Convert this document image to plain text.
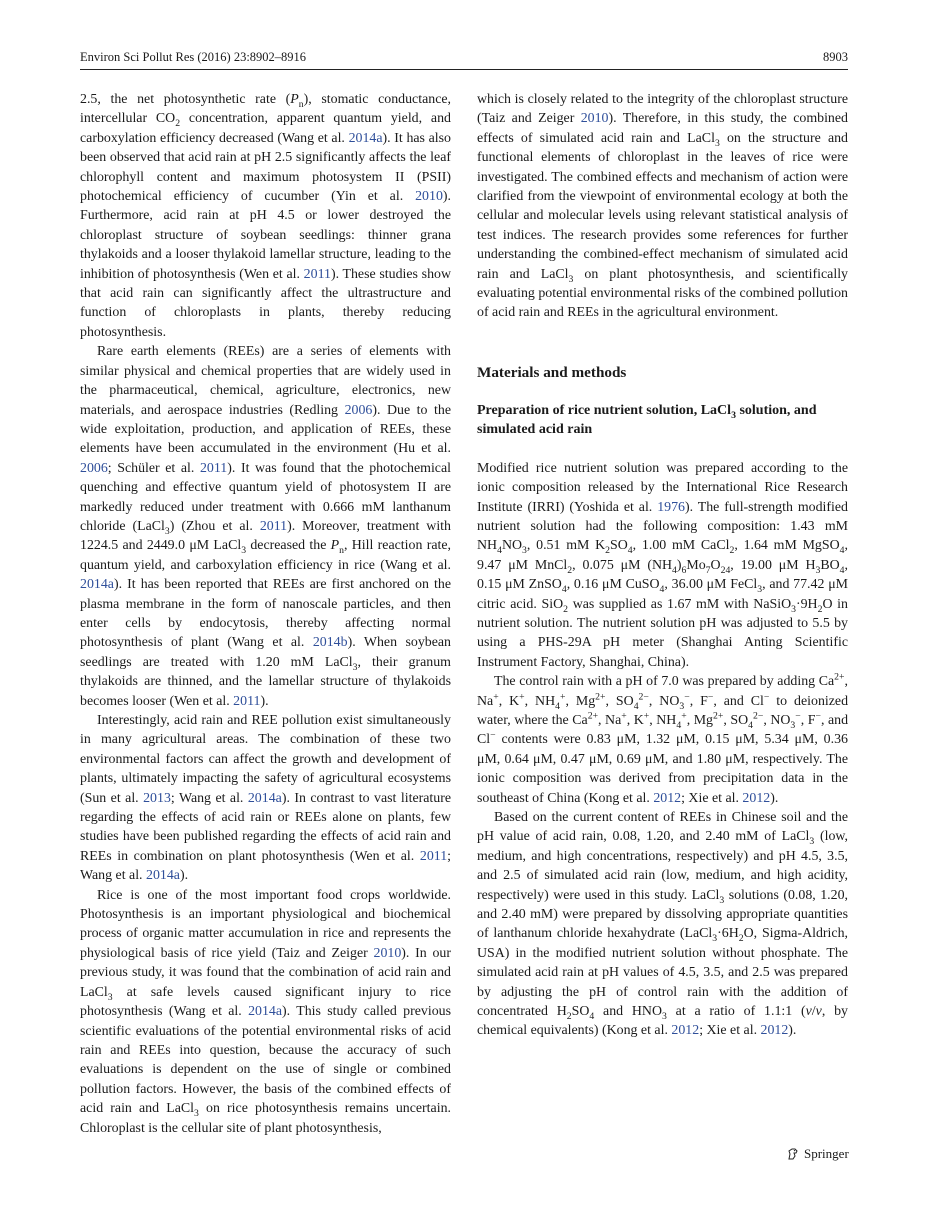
Environ Sci Pollut Res (2016) 23:8902–8916	8903

2.5, the net photosynthetic rate $(P_n)$, stomatic conductance, intercellular $CO_2$ concentration, apparent quantum yield, and carboxylation efficiency decreased (Wang et al. 2014a). It has also been observed that acid rain at pH 2.5 significantly affects the leaf chlorophyll content and maximum photosystem II (PSII) photochemical efficiency of cucumber (Yin et al. 2010). Furthermore, acid rain at pH 4.5 or lower destroyed the chloroplast structure of soybean seedlings: thinner grana thylakoids and a looser thylakoid lamellar structure, leading to the inhibition of photosynthesis (Wen et al. 2011). These studies show that acid rain can significantly affect the ultrastructure and function of chloroplasts in plants, thereby reducing photosynthesis.

Rare earth elements (REEs) are a series of elements with similar physical and chemical properties that are widely used in the pharmaceutical, chemical, agriculture, electronics, new materials, and aerospace industries (Redling 2006). Due to the wide exploitation, production, and application of REEs, these elements have been accumulated in the environment (Hu et al. 2006; Schüler et al. 2011). It was found that the photochemical quenching and effective quantum yield of photosystem II are markedly reduced under treatment with 0.666 mM lanthanum chloride (LaCl$_3$) (Zhou et al. 2011). Moreover, treatment with 1224.5 and 2449.0 μM LaCl$_3$ decreased the $P_n$, Hill reaction rate, quantum yield, and carboxylation efficiency in rice (Wang et al. 2014a). It has been reported that REEs are first anchored on the plasma membrane in the form of nanoscale particles, and then enter cells by endocytosis, thereby affecting normal photosynthesis of plant (Wang et al. 2014b). When soybean seedlings are treated with 1.20 mM LaCl$_3$, their granum thylakoids are thinned, and the lamellar structure of thylakoids becomes looser (Wen et al. 2011).

Interestingly, acid rain and REE pollution exist simultaneously in many agricultural areas. The combination of these two environmental factors can affect the growth and development of plants, ultimately impacting the safety of agricultural ecosystems (Sun et al. 2013; Wang et al. 2014a). In contrast to vast literature regarding the effects of acid rain or REEs alone on plants, few studies have been published regarding the effects of acid rain and REEs in combination on plant photosynthesis (Wen et al. 2011; Wang et al. 2014a).

Rice is one of the most important food crops worldwide. Photosynthesis is an important physiological and biochemical process of organic matter accumulation in rice and represents the physiological basis of rice yield (Taiz and Zeiger 2010). In our previous study, it was found that the combination of acid rain and LaCl$_3$ at safe levels caused significant injury to rice photosynthesis (Wang et al. 2014a). This study called previous scientific evaluations of the potential environmental risks of acid rain and REEs into question, because the accuracy of such evaluations is dependent on the use of single or combined pollution factors. However, the basis of the combined effects of acid rain and LaCl$_3$ on rice photosynthesis remains uncertain. Chloroplast is the cellular site of plant photosynthesis,

which is closely related to the integrity of the chloroplast structure (Taiz and Zeiger 2010). Therefore, in this study, the combined effects of simulated acid rain and LaCl$_3$ on the structure and functional elements of chloroplast in the leaves of rice were investigated. The combined effects and mechanism of action were clarified from the viewpoint of environmental ecology at both the cellular and molecular levels using relevant statistical analysis of test indices. The research provides some references for further understanding the combined-effect mechanism of simulated acid rain and LaCl$_3$ on plant photosynthesis, and scientifically evaluating potential environmental risks of the combined pollution of acid rain and REEs in the agricultural environment.

Materials and methods
Preparation of rice nutrient solution, LaCl$_3$ solution, and simulated acid rain

Modified rice nutrient solution was prepared according to the ionic composition released by the International Rice Research Institute (IRRI) (Yoshida et al. 1976). The full-strength modified nutrient solution had the following composition: 1.43 mM $NH_4NO_3$, 0.51 mM $K_2SO_4$, 1.00 mM CaCl$_2$, 1.64 mM MgSO$_4$, 9.47 μM MnCl$_2$, 0.075 μM $(NH_4)_6Mo_7O_{24}$, 19.00 μM $H_3BO_4$, 0.15 μM ZnSO$_4$, 0.16 μM CuSO$_4$, 36.00 μM FeCl$_3$, and 77.42 μM citric acid. SiO$_2$ was supplied as 1.67 mM with $NaSiO_3\cdot 9H_2O$ in nutrient solution. The nutrient solution pH was adjusted to 5.5 by using a PHS-29A pH meter (Shanghai Anting Scientific Instrument Factory, Shanghai, China).

The control rain with a pH of 7.0 was prepared by adding $Ca^{2+}$, Na+, K+, $NH_4^+$, $Mg^{2+}$, $SO_4^{2-}$, $NO_3^-$, F−, and Cl− to deionized water, where the $Ca^{2+}$, Na+, K+, $NH_4^+$, $Mg^{2+}$, $SO_4^{2-}$, $NO_3^-$, F−, and Cl− contents were 0.83 μM, 1.32 μM, 0.15 μM, 5.34 μM, 0.36 μM, 0.64 μM, 0.47 μM, 0.69 μM, and 1.80 μM, respectively. The ionic composition was derived from precipitation data in the southeast of China (Kong et al. 2012; Xie et al. 2012).

Based on the current content of REEs in Chinese soil and the pH value of acid rain, 0.08, 1.20, and 2.40 mM of LaCl$_3$ (low, medium, and high concentrations, respectively) and pH 4.5, 3.5, and 2.5 of simulated acid rain (low, medium, and high acidity, respectively) were used in this study. LaCl$_3$ solutions (0.08, 1.20, and 2.40 mM) were prepared by dissolving appropriate quantities of lanthanum chloride hexahydrate ($LaCl_3\cdot 6H_2O$, Sigma-Aldrich, USA) in the modified nutrient solution without phosphate. The simulated acid rain at pH values of 4.5, 3.5, and 2.5 was prepared by adjusting the pH of control rain with the addition of concentrated $H_2SO_4$ and $HNO_3$ at a ratio of 1.1:1 (v/v, by chemical equivalents) (Kong et al. 2012; Xie et al. 2012).

Springer
